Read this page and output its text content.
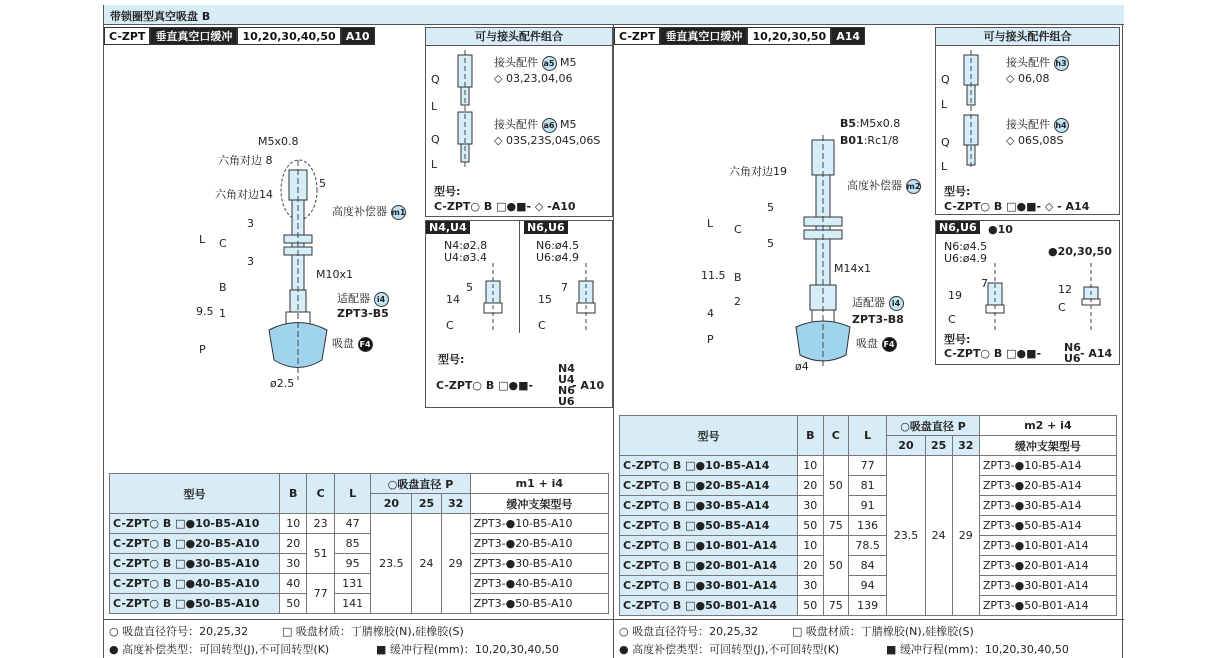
带锁圈型真空吸盘 B
C-ZPT 垂直真空口缓冲 10,20,30,40,50 A10
M5x0.8
六角对边 8
六角对边14
5
高度补偿器 m1
3
3
L C
B
M10x1
适配器 i4
ZPT3-B5
9.5 1
P	吸盘 F4
ø2.5
可与接头配件组合
Q
L
Q
L
接头配件 a5 M5
◇ 03,23,04,06
接头配件 a6 M5
◇ 03S,23S,04S,06S
型号:
C-ZPT○ B □●■- ◇ -A10
N4,U4	N6,U6
N4:ø2.8
U4:ø3.4
N6:ø4.5
U6:ø4.9
5	7
14	15
C	C
型号:
C-ZPT○ B □●■-
N4
U4
N6
U6
- A10
型号	B	C	L	○吸盘直径 P			m1 + i4
				20	25	32	缓冲支架型号
C-ZPT○ B □●10-B5-A10	10	23	47	23.5	24	29	ZPT3-●10-B5-A10
C-ZPT○ B □●20-B5-A10	20	51	85				ZPT3-●20-B5-A10
C-ZPT○ B □●30-B5-A10	30		95				ZPT3-●30-B5-A10
C-ZPT○ B □●40-B5-A10	40	77	131				ZPT3-●40-B5-A10
C-ZPT○ B □●50-B5-A10	50		141				ZPT3-●50-B5-A10
○ 吸盘直径符号：20,25,32	□ 吸盘材质：丁腈橡胶(N),硅橡胶(S)
● 高度补偿类型：可回转型(J),不可回转型(K)	■ 缓冲行程(mm)：10,20,30,40,50
C-ZPT 垂直真空口缓冲 10,20,30,50 A14
B5:M5x0.8
B01:Rc1/8
六角对边19
高度补偿器 m2
5
5
L C
M14x1
11.5 B
2
4
适配器 i4
ZPT3-B8
P	吸盘 F4
ø4
可与接头配件组合
Q
L
Q
L
接头配件 h3
◇ 06,08
接头配件 h4
◇ 06S,08S
型号:
C-ZPT○ B □●■- ◇ - A14
N6,U6 ●10
●20,30,50
N6:ø4.5
U6:ø4.9
7
19	12
C
C
型号:
C-ZPT○ B □●■- N6
U6 - A14
型号	B	C	L	○吸盘直径 P			m2 + i4
				20	25	32	缓冲支架型号
C-ZPT○ B □●10-B5-A14	10	50	77	23.5	24	29	ZPT3-●10-B5-A14
C-ZPT○ B □●20-B5-A14	20		81				ZPT3-●20-B5-A14
C-ZPT○ B □●30-B5-A14	30		91				ZPT3-●30-B5-A14
C-ZPT○ B □●50-B5-A14	50	75	136				ZPT3-●50-B5-A14
C-ZPT○ B □●10-B01-A14	10	50	78.5				ZPT3-●10-B01-A14
C-ZPT○ B □●20-B01-A14	20		84				ZPT3-●20-B01-A14
C-ZPT○ B □●30-B01-A14	30		94				ZPT3-●30-B01-A14
C-ZPT○ B □●50-B01-A14	50	75	139				ZPT3-●50-B01-A14
○ 吸盘直径符号：20,25,32	□ 吸盘材质：丁腈橡胶(N),硅橡胶(S)
● 高度补偿类型：可回转型(J),不可回转型(K)	■ 缓冲行程(mm)：10,20,30,40,50
